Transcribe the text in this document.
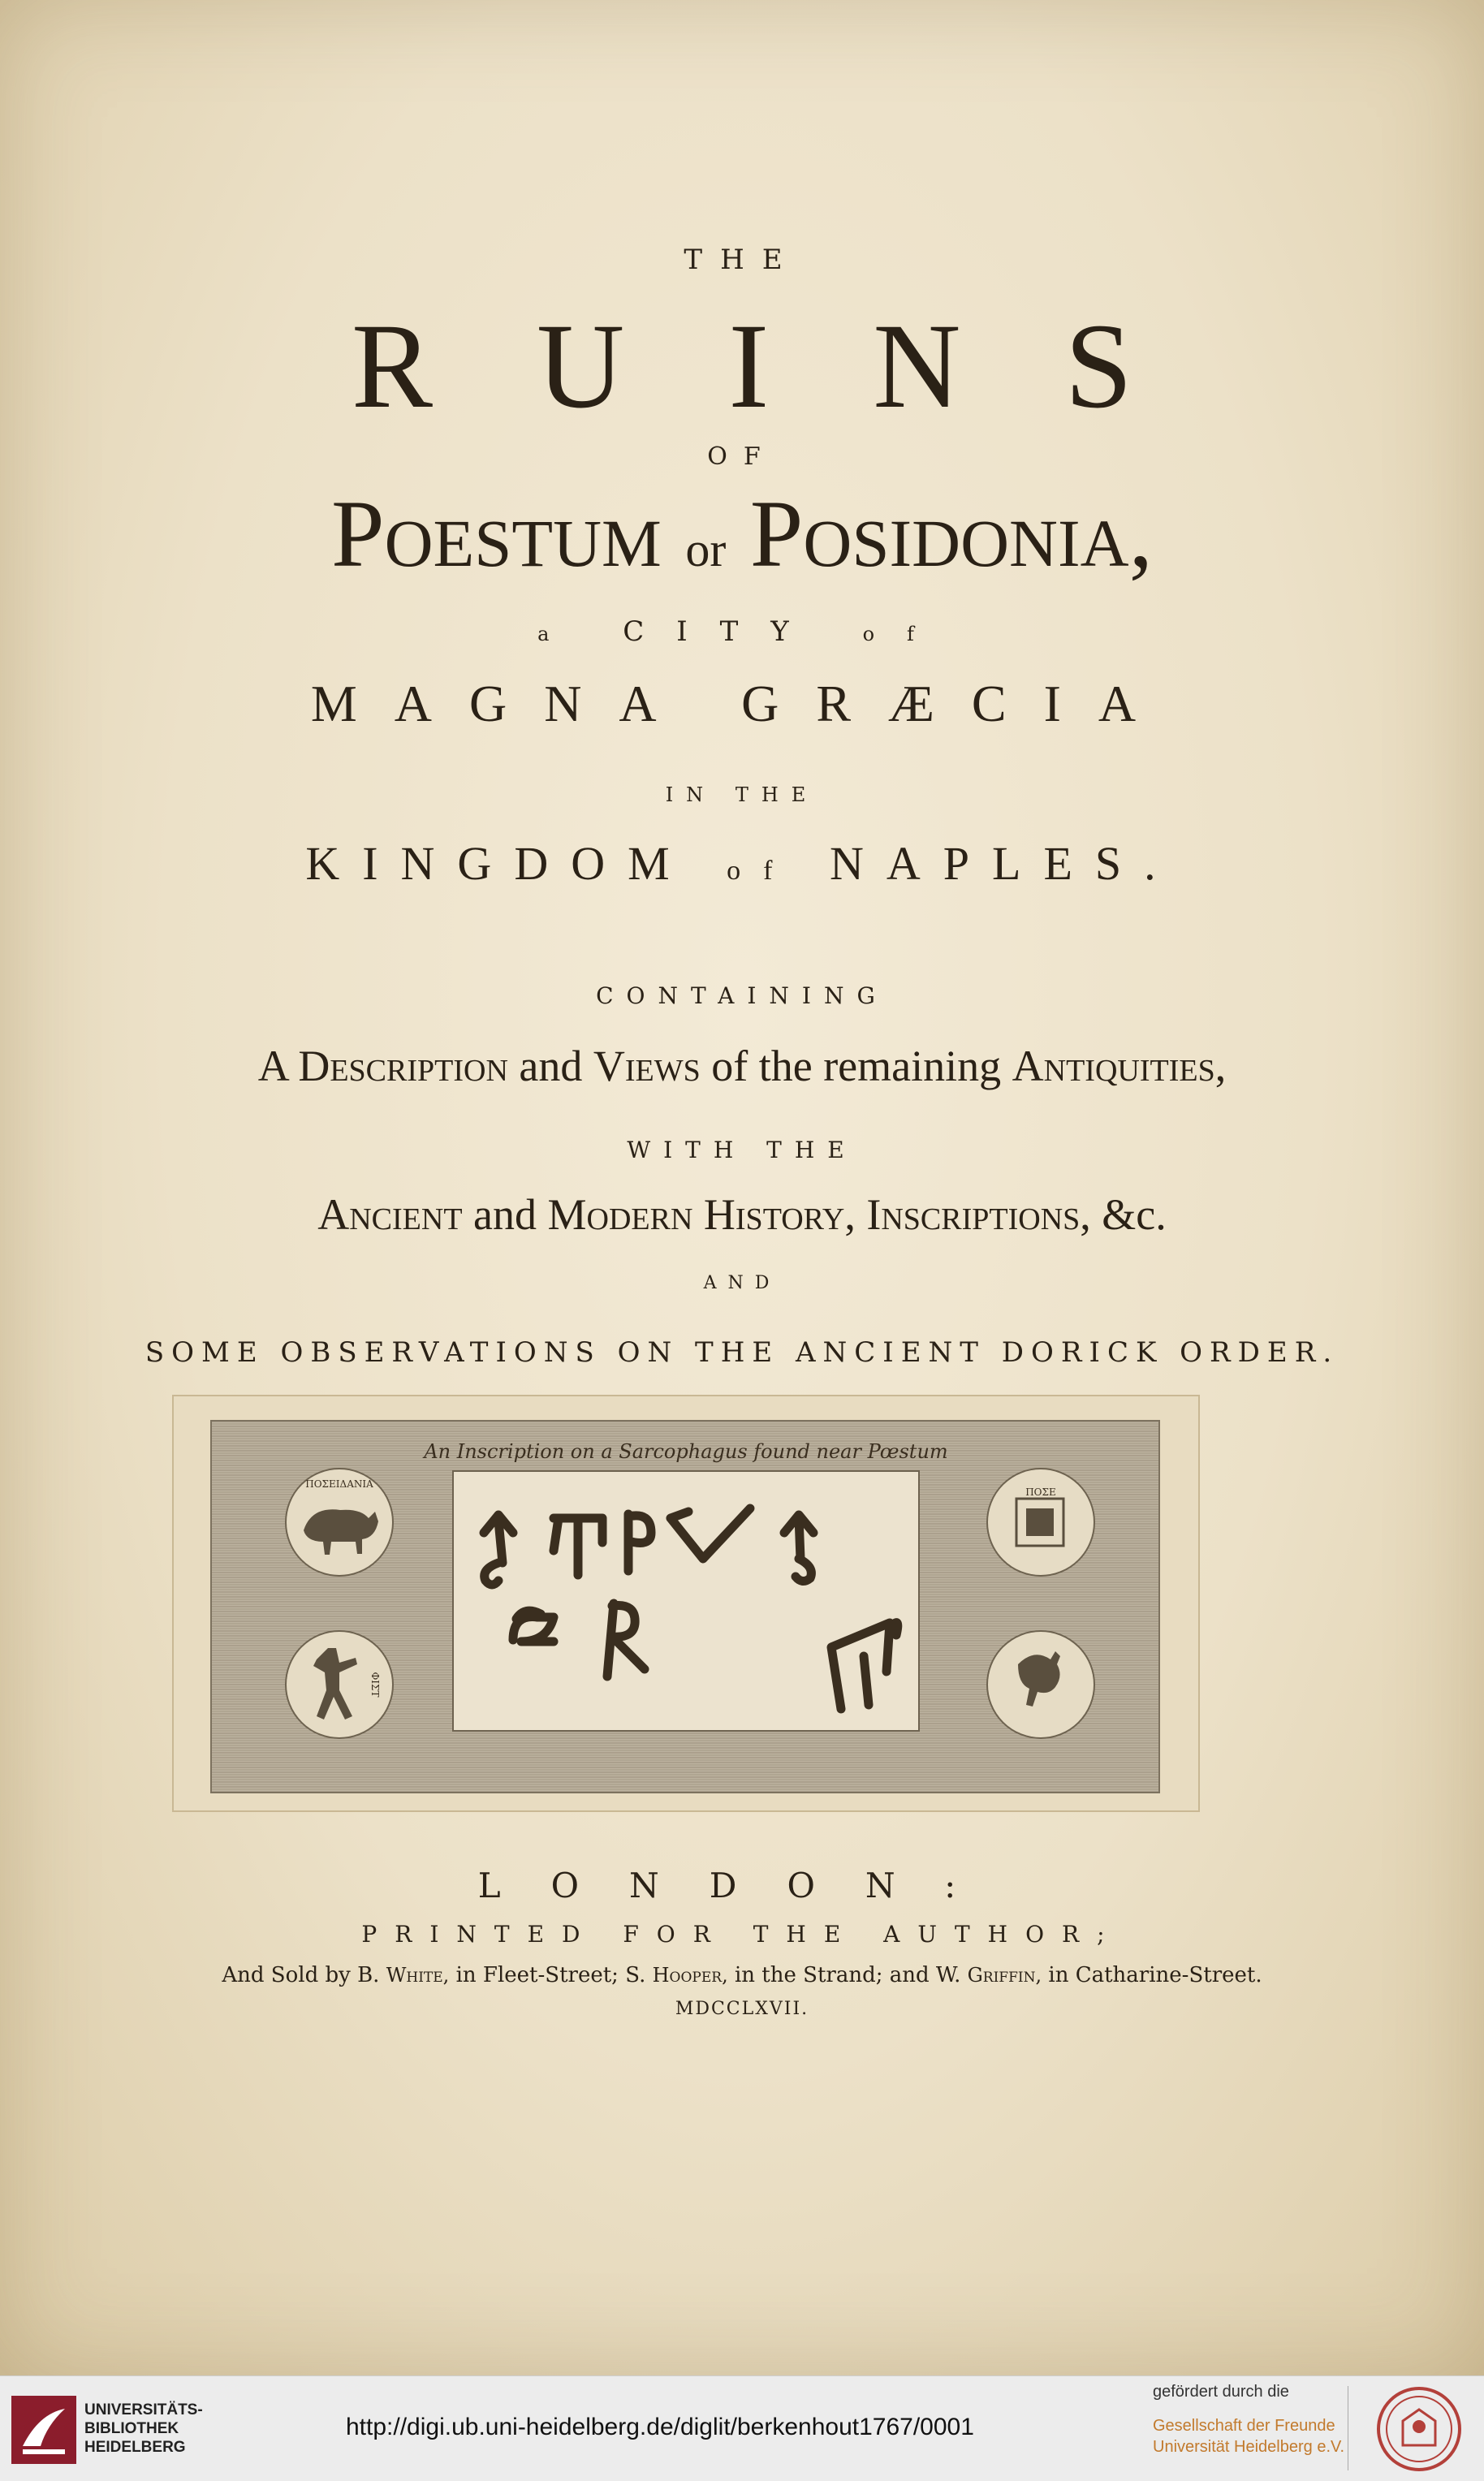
THE
RUINS
OF
Poestum or Posidonia,
a CITY of
MAGNA GRÆCIA
IN THE
KINGDOM of NAPLES.
CONTAINING
A Description and Views of the remaining Antiquities,
WITH THE
Ancient and Modern History, Inscriptions, &c.
AND
SOME OBSERVATIONS ON THE ANCIENT DORICK ORDER.
ΠΟΣΕΙΔΑΝΙΑ
ΦΙΣΤ
ΠΟΣΕ
An Inscription on a Sarcophagus found near Pœstum
LONDON:
PRINTED FOR THE AUTHOR;
And Sold by B. White, in Fleet-Street; S. Hooper, in the Strand; and W. Griffin, in Catharine-Street.
MDCCLXVII.
UNIVERSITÄTS-
BIBLIOTHEK
HEIDELBERG
http://digi.ub.uni-heidelberg.de/diglit/berkenhout1767/0001
gefördert durch die
Gesellschaft der Freunde
Universität Heidelberg e.V.
